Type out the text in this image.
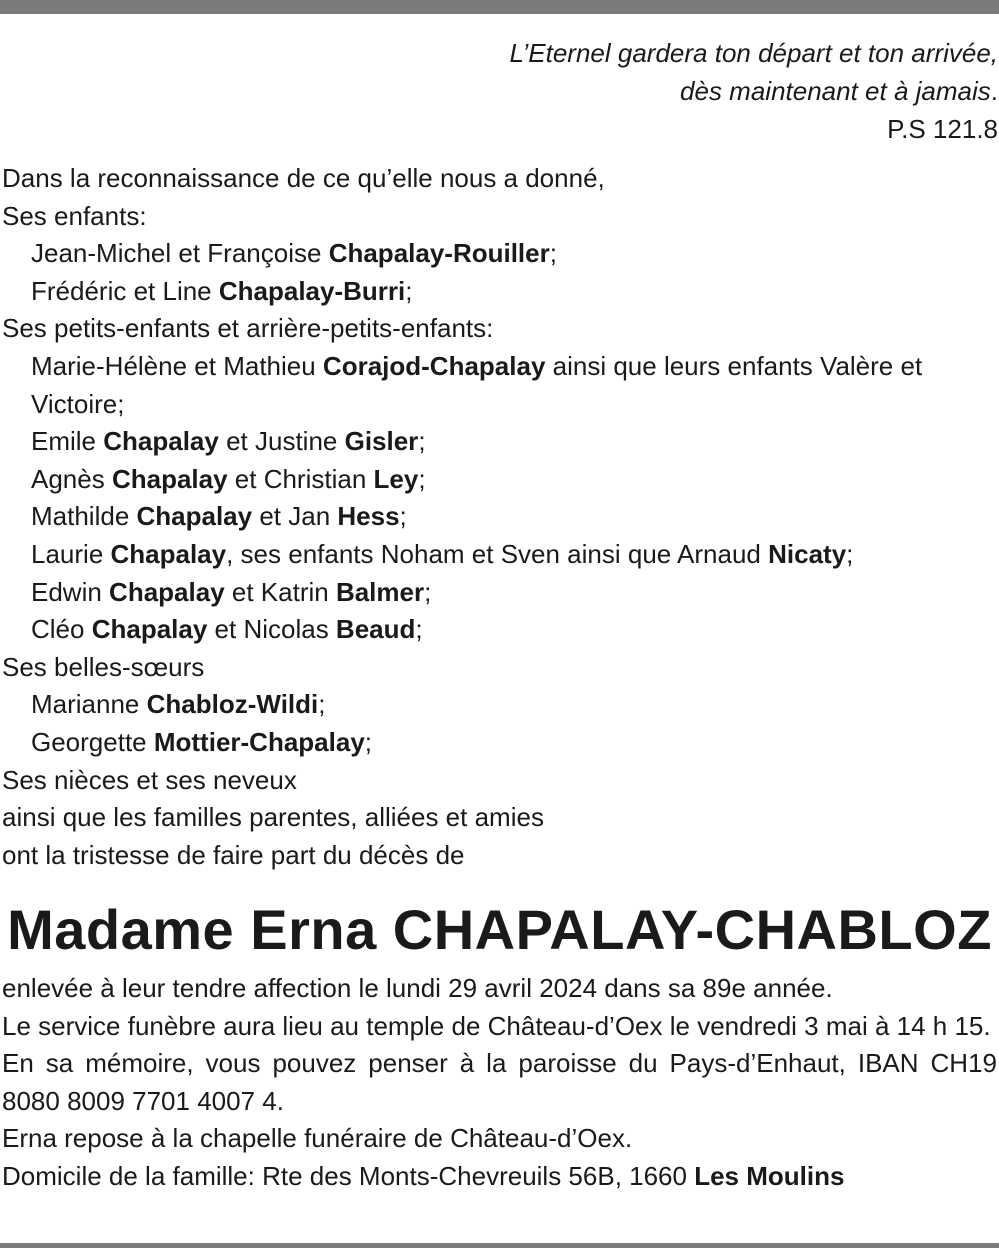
L’Eternel gardera ton départ et ton arrivée,
dès maintenant et à jamais.
P.S 121.8
Dans la reconnaissance de ce qu’elle nous a donné,
Ses enfants:
Jean-Michel et Françoise Chapalay-Rouiller;
Frédéric et Line Chapalay-Burri;
Ses petits-enfants et arrière-petits-enfants:
Marie-Hélène et Mathieu Corajod-Chapalay ainsi que leurs enfants Valère et Victoire;
Emile Chapalay et Justine Gisler;
Agnès Chapalay et Christian Ley;
Mathilde Chapalay et Jan Hess;
Laurie Chapalay, ses enfants Noham et Sven ainsi que Arnaud Nicaty;
Edwin Chapalay et Katrin Balmer;
Cléo Chapalay et Nicolas Beaud;
Ses belles-sœurs
Marianne Chabloz-Wildi;
Georgette Mottier-Chapalay;
Ses nièces et ses neveux
ainsi que les familles parentes, alliées et amies
ont la tristesse de faire part du décès de
Madame Erna CHAPALAY-CHABLOZ
enlevée à leur tendre affection le lundi 29 avril 2024 dans sa 89e année.
Le service funèbre aura lieu au temple de Château-d’Oex le vendredi 3 mai à 14 h 15.
En sa mémoire, vous pouvez penser à la paroisse du Pays-d’Enhaut, IBAN CH19 8080 8009 7701 4007 4.
Erna repose à la chapelle funéraire de Château-d’Oex.
Domicile de la famille: Rte des Monts-Chevreuils 56B, 1660 Les Moulins
